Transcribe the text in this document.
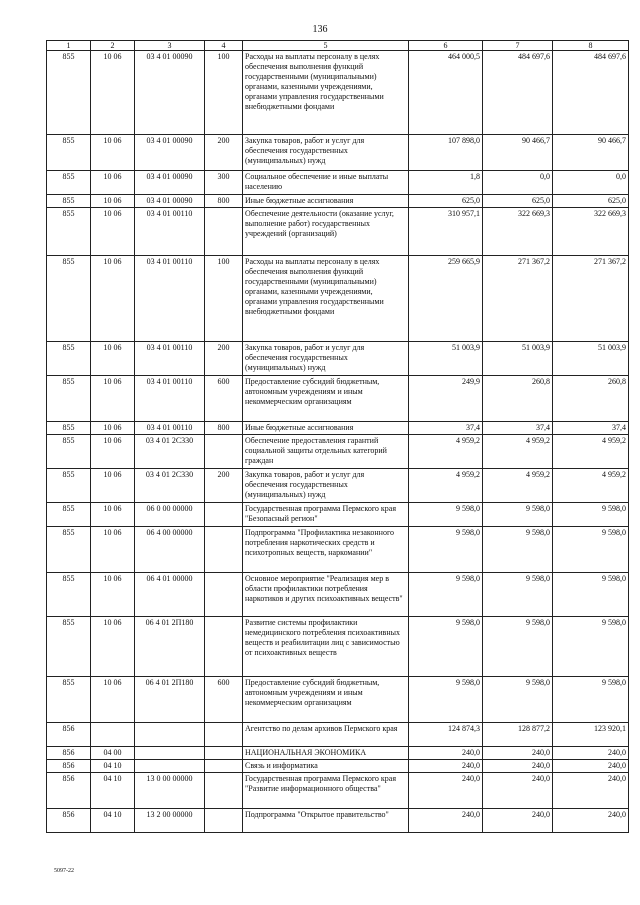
136
1	2	3	4	5	6	7	8
855	10 06	03 4 01 00090	100	Расходы на выплаты персоналу в целях обеспечения выполнения функций государственными (муниципальными) органами, казенными учреждениями, органами управления государственными внебюджетными фондами	464 000,5	484 697,6	484 697,6
855	10 06	03 4 01 00090	200	Закупка товаров, работ и услуг для обеспечения государственных (муниципальных) нужд	107 898,0	90 466,7	90 466,7
855	10 06	03 4 01 00090	300	Социальное обеспечение и иные выплаты населению	1,8	0,0	0,0
855	10 06	03 4 01 00090	800	Иные бюджетные ассигнования	625,0	625,0	625,0
855	10 06	03 4 01 00110		Обеспечение деятельности (оказание услуг, выполнение работ) государственных учреждений (организаций)	310 957,1	322 669,3	322 669,3
855	10 06	03 4 01 00110	100	Расходы на выплаты персоналу в целях обеспечения выполнения функций государственными (муниципальными) органами, казенными учреждениями, органами управления государственными внебюджетными фондами	259 665,9	271 367,2	271 367,2
855	10 06	03 4 01 00110	200	Закупка товаров, работ и услуг для обеспечения государственных (муниципальных) нужд	51 003,9	51 003,9	51 003,9
855	10 06	03 4 01 00110	600	Предоставление субсидий бюджетным, автономным учреждениям и иным некоммерческим организациям	249,9	260,8	260,8
855	10 06	03 4 01 00110	800	Иные бюджетные ассигнования	37,4	37,4	37,4
855	10 06	03 4 01 2С330		Обеспечение предоставления гарантий социальной защиты отдельных категорий граждан	4 959,2	4 959,2	4 959,2
855	10 06	03 4 01 2С330	200	Закупка товаров, работ и услуг для обеспечения государственных (муниципальных) нужд	4 959,2	4 959,2	4 959,2
855	10 06	06 0 00 00000		Государственная программа Пермского края "Безопасный регион"	9 598,0	9 598,0	9 598,0
855	10 06	06 4 00 00000		Подпрограмма "Профилактика незаконного потребления наркотических средств и психотропных веществ, наркомании"	9 598,0	9 598,0	9 598,0
855	10 06	06 4 01 00000		Основное мероприятие "Реализация мер в области профилактики потребления наркотиков и других психоактивных веществ"	9 598,0	9 598,0	9 598,0
855	10 06	06 4 01 2П180		Развитие системы профилактики немедицинского потребления психоактивных веществ и реабилитации лиц с зависимостью от психоактивных веществ	9 598,0	9 598,0	9 598,0
855	10 06	06 4 01 2П180	600	Предоставление субсидий бюджетным, автономным учреждениям и иным некоммерческим организациям	9 598,0	9 598,0	9 598,0
856				Агентство по делам архивов Пермского края	124 874,3	128 877,2	123 920,1
856	04 00			НАЦИОНАЛЬНАЯ ЭКОНОМИКА	240,0	240,0	240,0
856	04 10			Связь и информатика	240,0	240,0	240,0
856	04 10	13 0 00 00000		Государственная программа Пермского края "Развитие информационного общества"	240,0	240,0	240,0
856	04 10	13 2 00 00000		Подпрограмма "Открытое правительство"	240,0	240,0	240,0
5097-22
